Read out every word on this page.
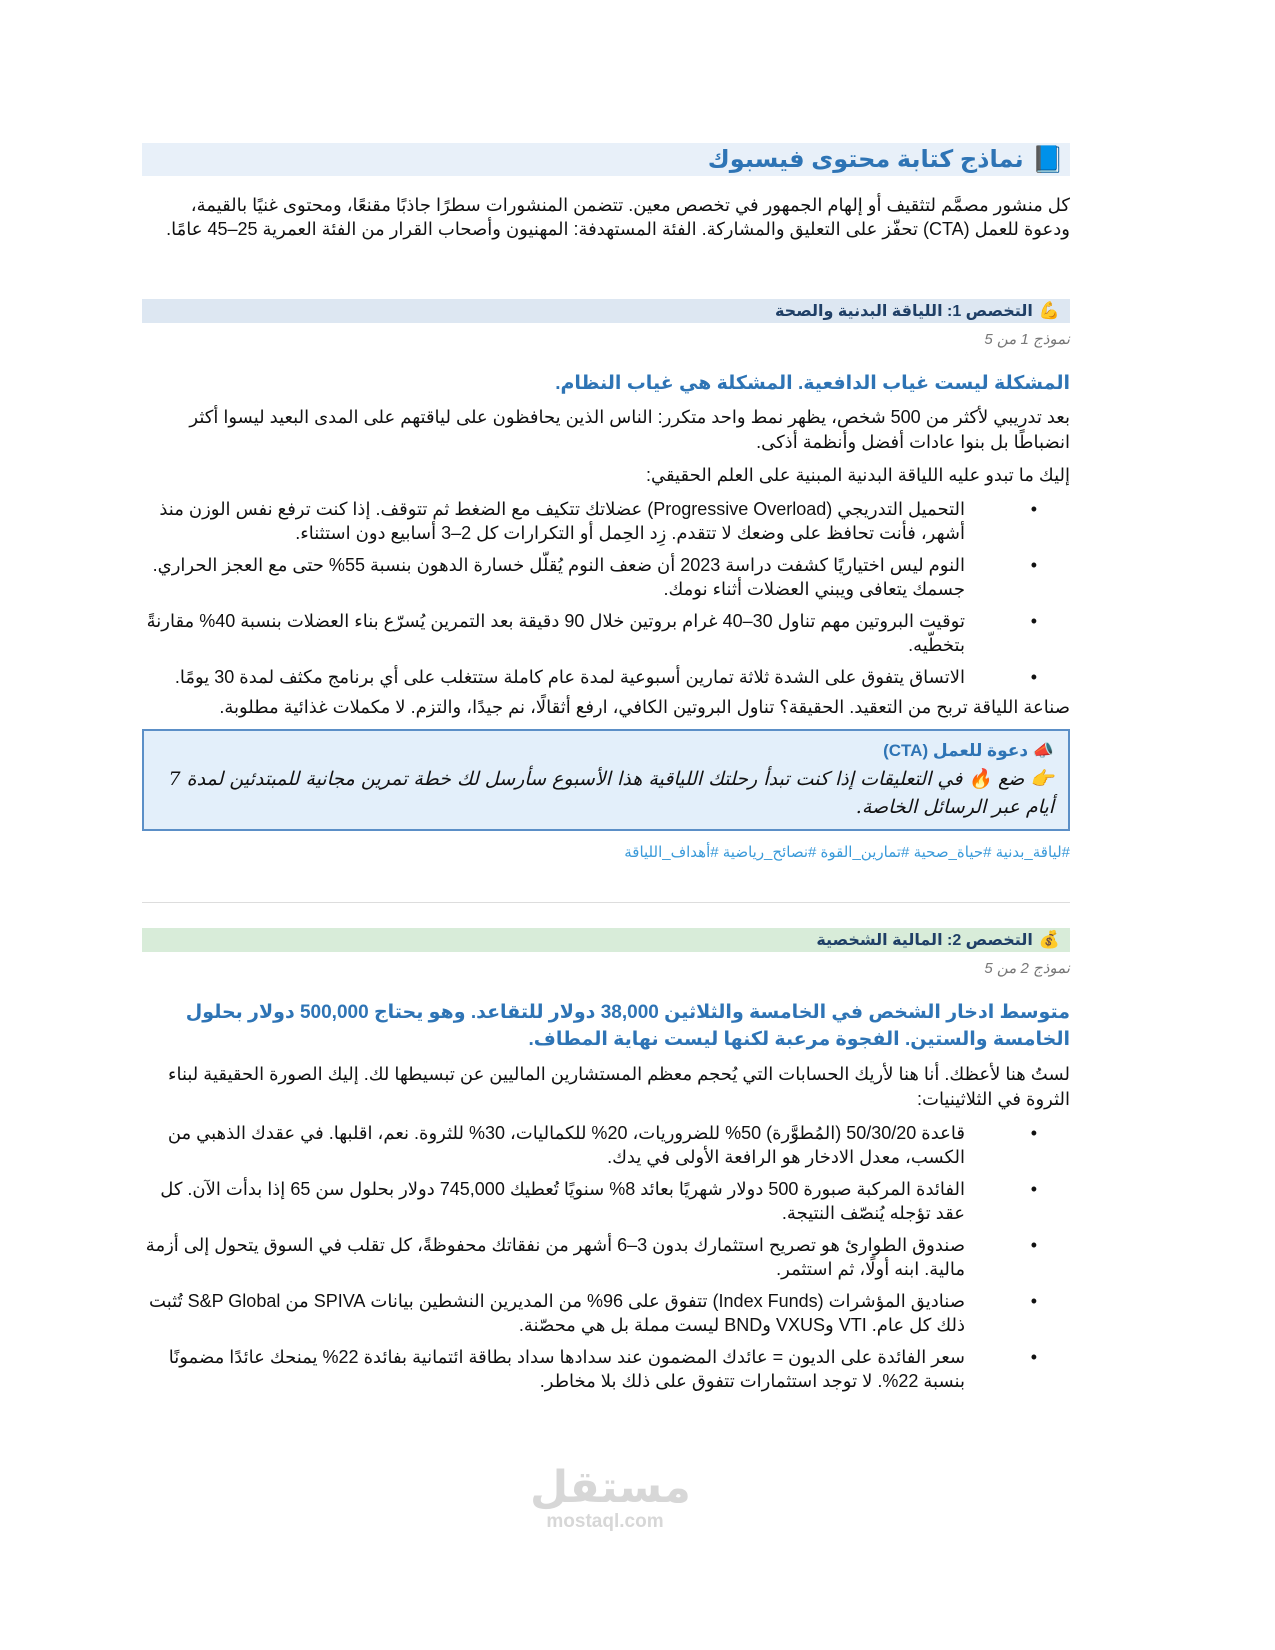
📘
نماذج كتابة محتوى فيسبوك
كل منشور مصمَّم لتثقيف أو إلهام الجمهور في تخصص معين. تتضمن المنشورات سطرًا جاذبًا مقنعًا، ومحتوى غنيًا بالقيمة، ودعوة للعمل (CTA) تحفّز على التعليق والمشاركة. الفئة المستهدفة: المهنيون وأصحاب القرار من الفئة العمرية 25–45 عامًا.
💪
التخصص 1: اللياقة البدنية والصحة
نموذج 1 من 5
المشكلة ليست غياب الدافعية. المشكلة هي غياب النظام.
بعد تدريبي لأكثر من 500 شخص، يظهر نمط واحد متكرر: الناس الذين يحافظون على لياقتهم على المدى البعيد ليسوا أكثر انضباطًا بل بنوا عادات أفضل وأنظمة أذكى.
إليك ما تبدو عليه اللياقة البدنية المبنية على العلم الحقيقي:
• التحميل التدريجي (Progressive Overload) عضلاتك تتكيف مع الضغط ثم تتوقف. إذا كنت ترفع نفس الوزن منذ أشهر، فأنت تحافظ على وضعك لا تتقدم. زِد الحِمل أو التكرارات كل 2–3 أسابيع دون استثناء.
• النوم ليس اختياريًا كشفت دراسة 2023 أن ضعف النوم يُقلّل خسارة الدهون بنسبة 55% حتى مع العجز الحراري. جسمك يتعافى ويبني العضلات أثناء نومك.
• توقيت البروتين مهم تناول 30–40 غرام بروتين خلال 90 دقيقة بعد التمرين يُسرّع بناء العضلات بنسبة 40% مقارنةً بتخطّيه.
• الاتساق يتفوق على الشدة ثلاثة تمارين أسبوعية لمدة عام كاملة ستتغلب على أي برنامج مكثف لمدة 30 يومًا.
صناعة اللياقة تربح من التعقيد. الحقيقة؟ تناول البروتين الكافي، ارفع أثقالًا، نم جيدًا، والتزم. لا مكملات غذائية مطلوبة.
📣 دعوة للعمل (CTA)
👉 ضع 🔥 في التعليقات إذا كنت تبدأ رحلتك اللياقية هذا الأسبوع سأرسل لك خطة تمرين مجانية للمبتدئين لمدة 7 أيام عبر الرسائل الخاصة.
#لياقة_بدنية #حياة_صحية #تمارين_القوة #نصائح_رياضية #أهداف_اللياقة
💰
التخصص 2: المالية الشخصية
نموذج 2 من 5
متوسط ادخار الشخص في الخامسة والثلاثين 38,000 دولار للتقاعد. وهو يحتاج 500,000 دولار بحلول الخامسة والستين. الفجوة مرعبة لكنها ليست نهاية المطاف.
لستُ هنا لأعظك. أنا هنا لأريك الحسابات التي يُحجم معظم المستشارين الماليين عن تبسيطها لك. إليك الصورة الحقيقية لبناء الثروة في الثلاثينيات:
• قاعدة 50/30/20 (المُطوَّرة) 50% للضروريات، 20% للكماليات، 30% للثروة. نعم، اقلبها. في عقدك الذهبي من الكسب، معدل الادخار هو الرافعة الأولى في يدك.
• الفائدة المركبة صبورة 500 دولار شهريًا بعائد 8% سنويًا تُعطيك 745,000 دولار بحلول سن 65 إذا بدأت الآن. كل عقد تؤجله يُنصّف النتيجة.
• صندوق الطوارئ هو تصريح استثمارك بدون 3–6 أشهر من نفقاتك محفوظةً، كل تقلب في السوق يتحول إلى أزمة مالية. ابنه أولًا، ثم استثمر.
• صناديق المؤشرات (Index Funds) تتفوق على 96% من المديرين النشطين بيانات SPIVA من S&P Global تُثبت ذلك كل عام. VTI وVXUS وBND ليست مملة بل هي محصّنة.
• سعر الفائدة على الديون = عائدك المضمون عند سدادها سداد بطاقة ائتمانية بفائدة 22% يمنحك عائدًا مضمونًا بنسبة 22%. لا توجد استثمارات تتفوق على ذلك بلا مخاطر.
مستقل
mostaql.com
